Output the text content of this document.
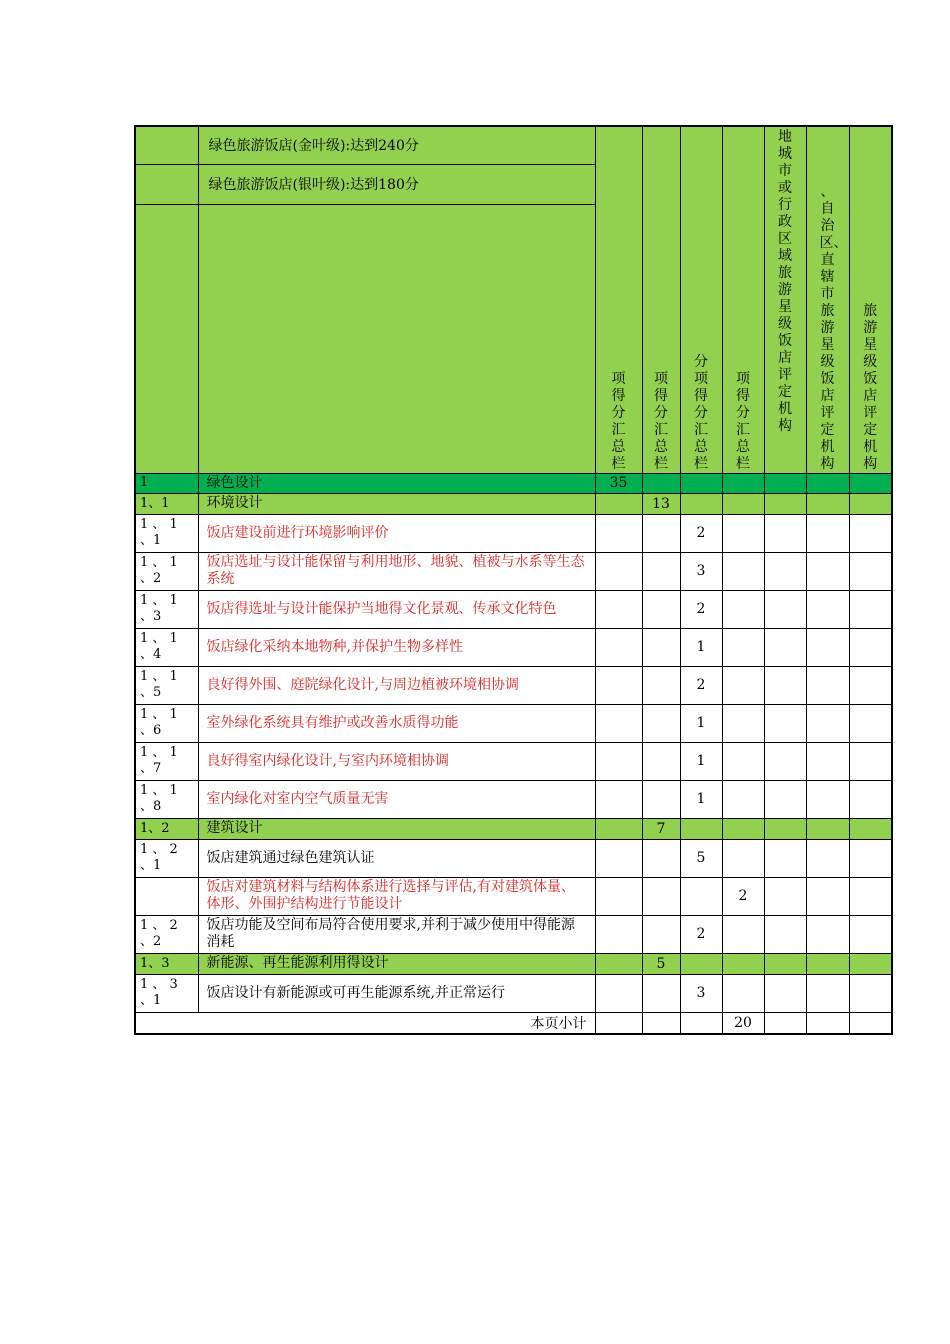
	绿色旅游饭店(金叶级):达到240分	项得分汇总栏	项得分汇总栏	分项得分汇总栏	项得分汇总栏	地城市或行政区域旅游星级饭店评定机构	、自治区、直辖市旅游星级饭店评定机构	旅游星级饭店评定机构
	绿色旅游饭店(银叶级):达到180分							

1	绿色设计	35						
1、1	环境设计		13					
1 、 1 、1	饭店建设前进行环境影响评价			2				
1 、 1 、2	饭店选址与设计能保留与利用地形、地貌、植被与水系等生态系统			3				
1 、 1 、3	饭店得选址与设计能保护当地得文化景观、传承文化特色			2				
1 、 1 、4	饭店绿化采纳本地物种,并保护生物多样性			1				
1 、 1 、5	良好得外围、庭院绿化设计,与周边植被环境相协调			2				
1 、 1 、6	室外绿化系统具有维护或改善水质得功能			1				
1 、 1 、7	良好得室内绿化设计,与室内环境相协调			1				
1 、 1 、8	室内绿化对室内空气质量无害			1				
1、2	建筑设计		7					
1 、 2 、1	饭店建筑通过绿色建筑认证			5				
	饭店对建筑材料与结构体系进行选择与评估,有对建筑体量、体形、外围护结构进行节能设计				2			
1 、 2 、2	饭店功能及空间布局符合使用要求,并利于减少使用中得能源消耗			2				
1、3	新能源、再生能源利用得设计		5					
1 、 3 、1	饭店设计有新能源或可再生能源系统,并正常运行			3				
本页小计					20			
